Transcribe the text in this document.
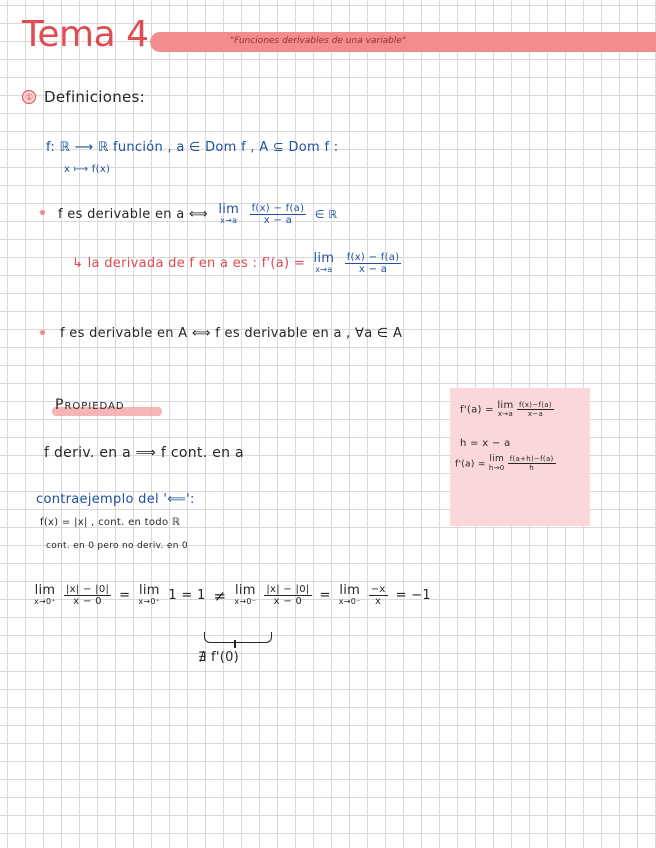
Tema 4	"Funciones derivables de una variable"
① Definiciones:
f: ℝ ⟶ ℝ función , a ∈ Dom f , A ⊆ Dom f :
x ⟼ f(x)
f es derivable en a ⟺ lim
x→a
$\frac{f(x) - f(a)}{x - a}$ ∈ ℝ
↳ la derivada de f en a es : f'(a) = lim
x→a
$\frac{f(x) - f(a)}{x - a}$
f es derivable en A ⟺ f es derivable en a , ∀a ∈ A
Propiedad
f deriv. en a ⟹ f cont. en a
contraejemplo del '⟸':
f(x) = |x| , cont. en todo ℝ
cont. en 0 pero no deriv. en 0
f'(a) = lim
x→a
$\frac{f(x)-f(a)}{x-a}$
h = x − a
f'(a) =
lim
h→0
$\frac{f(a+h)-f(a)}{h}$
lim
$x\to 0^+ \frac{|x| - |0|}{x - 0} = \lim$
x→0⁺ 1 = 1 ≠ lim
$x\to 0^- \frac{|x| - |0|}{x - 0} = \lim$
$x\to 0^- \frac{-x}{x} = -1$
∄ f'(0)
